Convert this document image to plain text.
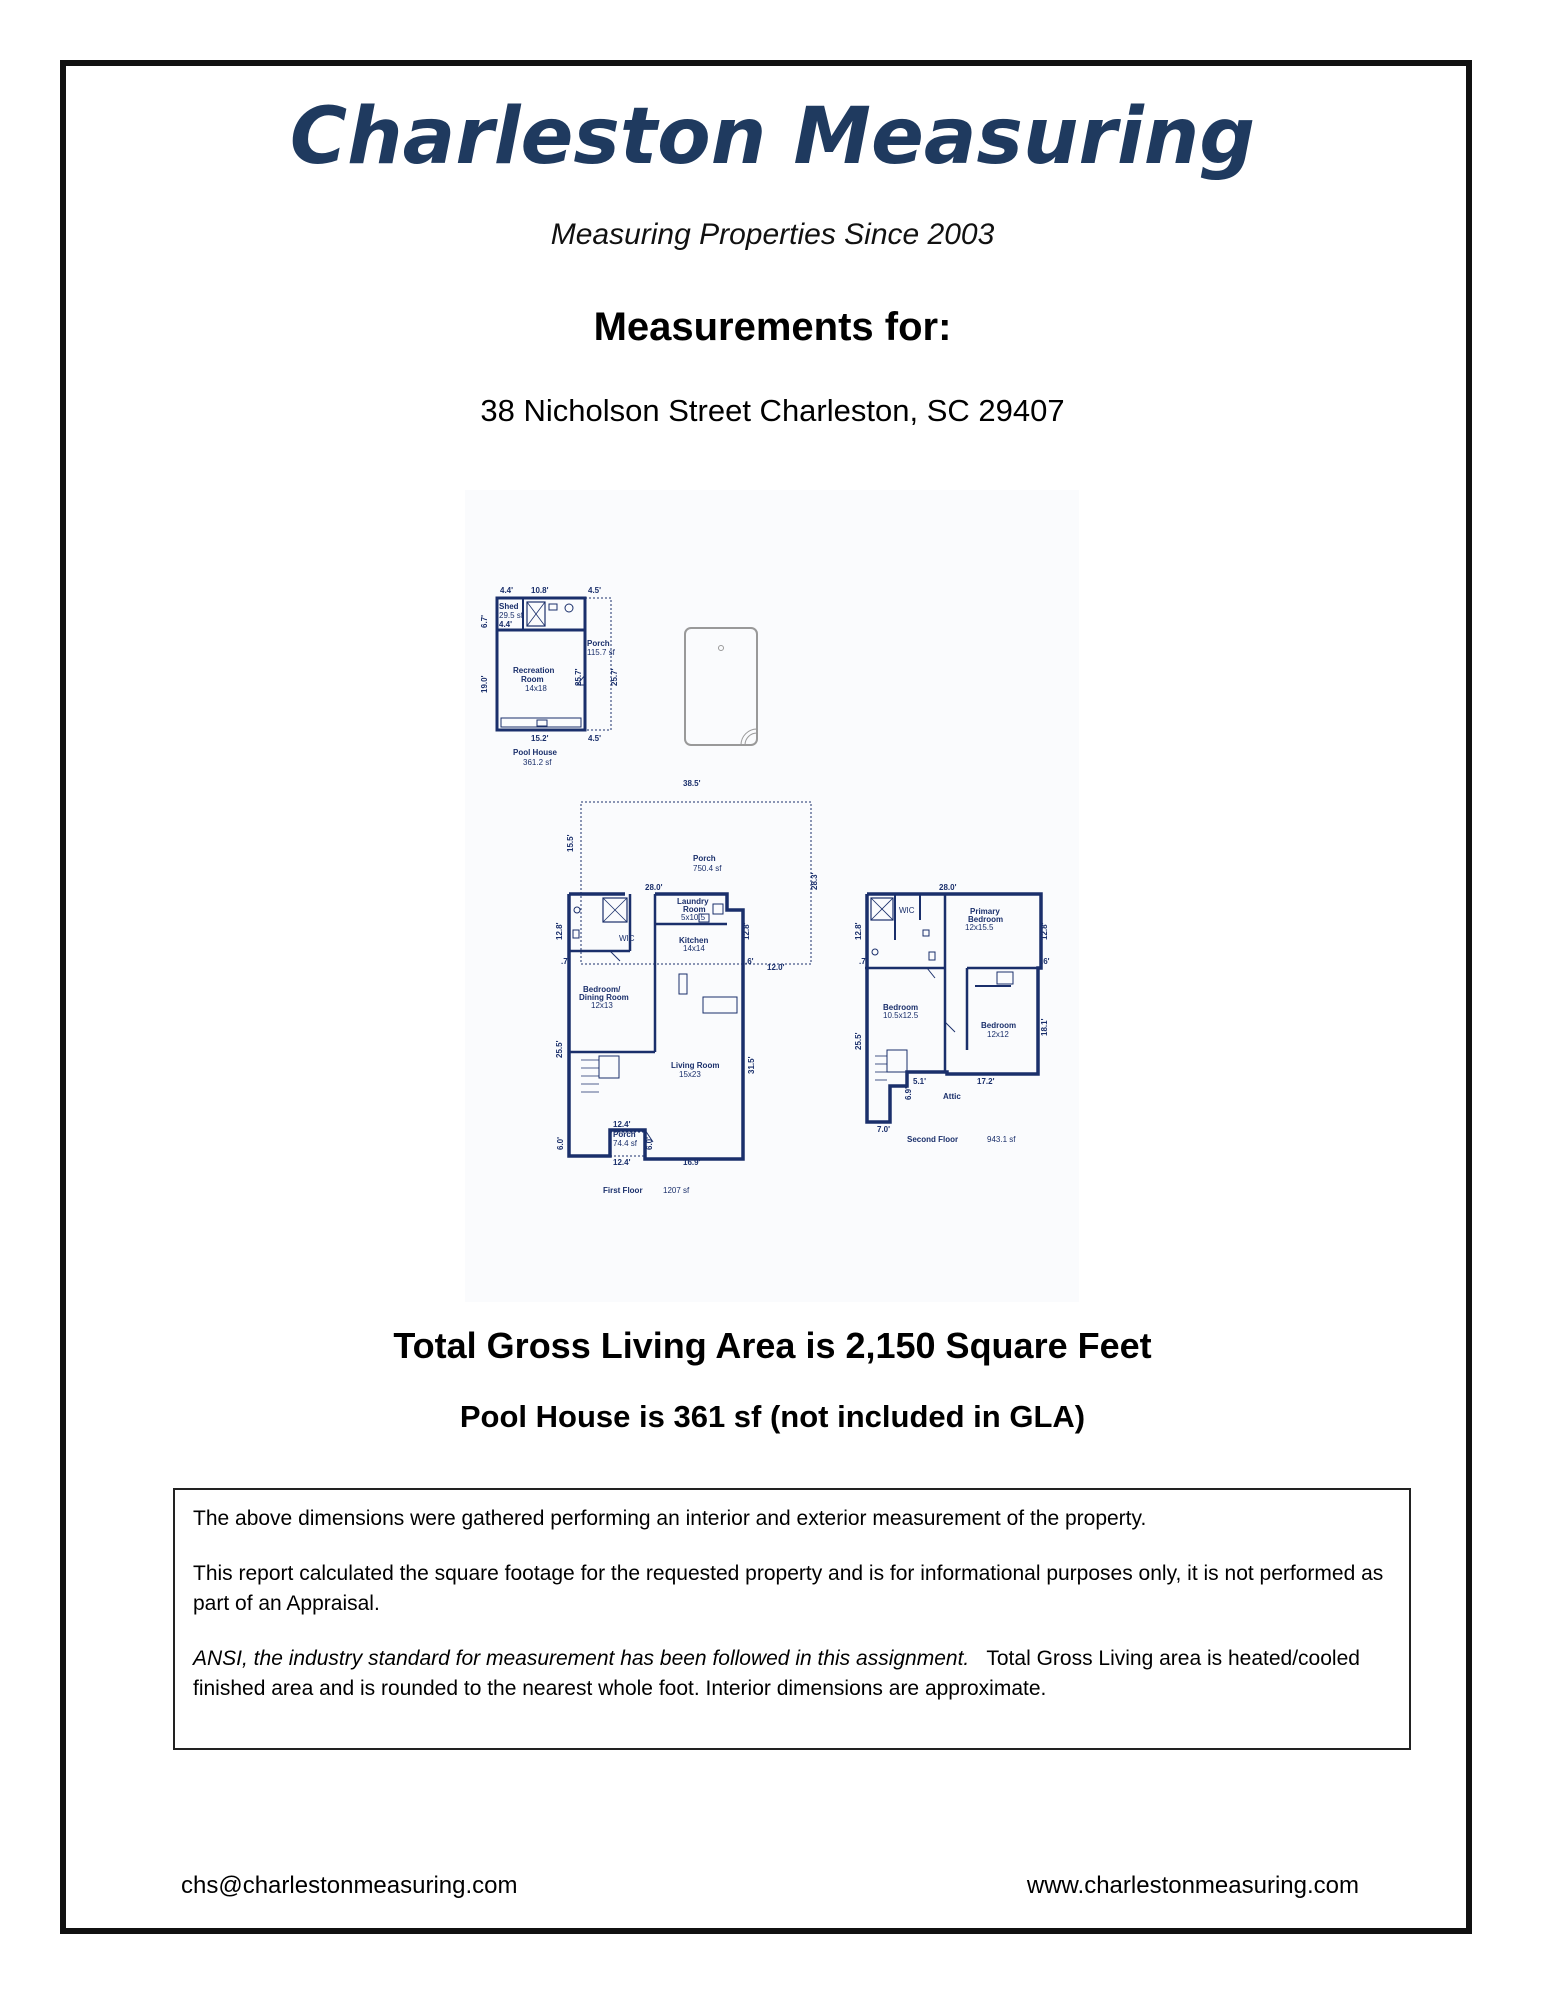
Charleston Measuring
Measuring Properties Since 2003
Measurements for:
38 Nicholson Street Charleston, SC 29407
4.4' 10.8'	4.5'
Shed
29.5 sf
4.4'
Porch
115.7 sf
Recreation
Room
14x18
19.0'
6.7'
15.2'	4.5'
25.7'	25.7'
Pool House
361.2 sf
38.5'
15.5'
28.3'
Porch
750.4 sf
28.0'
Laundry
Room
5x10.5
Kitchen
14x14
WIC
Bedroom/
Dining Room
12x13
Living Room
15x23
12.8'	12.8'
.7'	.6'
12.0'
25.5'
31.5'
12.4'
Porch
74.4 sf
6.0'	6.0'
12.4'	16.9'
First Floor	1207 sf
28.0'
WIC	Primary
Bedroom
12x15.5
Bedroom
10.5x12.5
Bedroom
12x12
Attic
12.8'	12.8'
.7'	.6'
25.5'
18.1'
5.1'
6.9'
17.2'
7.0'
Second Floor	943.1 sf
Total Gross Living Area is 2,150 Square Feet
Pool House is 361 sf (not included in GLA)

The above dimensions were gathered performing an interior and exterior measurement of the property.

This report calculated the square footage for the requested property and is for informational purposes only, it is not performed as part of an Appraisal.

ANSI, the industry standard for measurement has been followed in this assignment. Total Gross Living area is heated/cooled finished area and is rounded to the nearest whole foot. Interior dimensions are approximate.

chs@charlestonmeasuring.com	www.charlestonmeasuring.com
